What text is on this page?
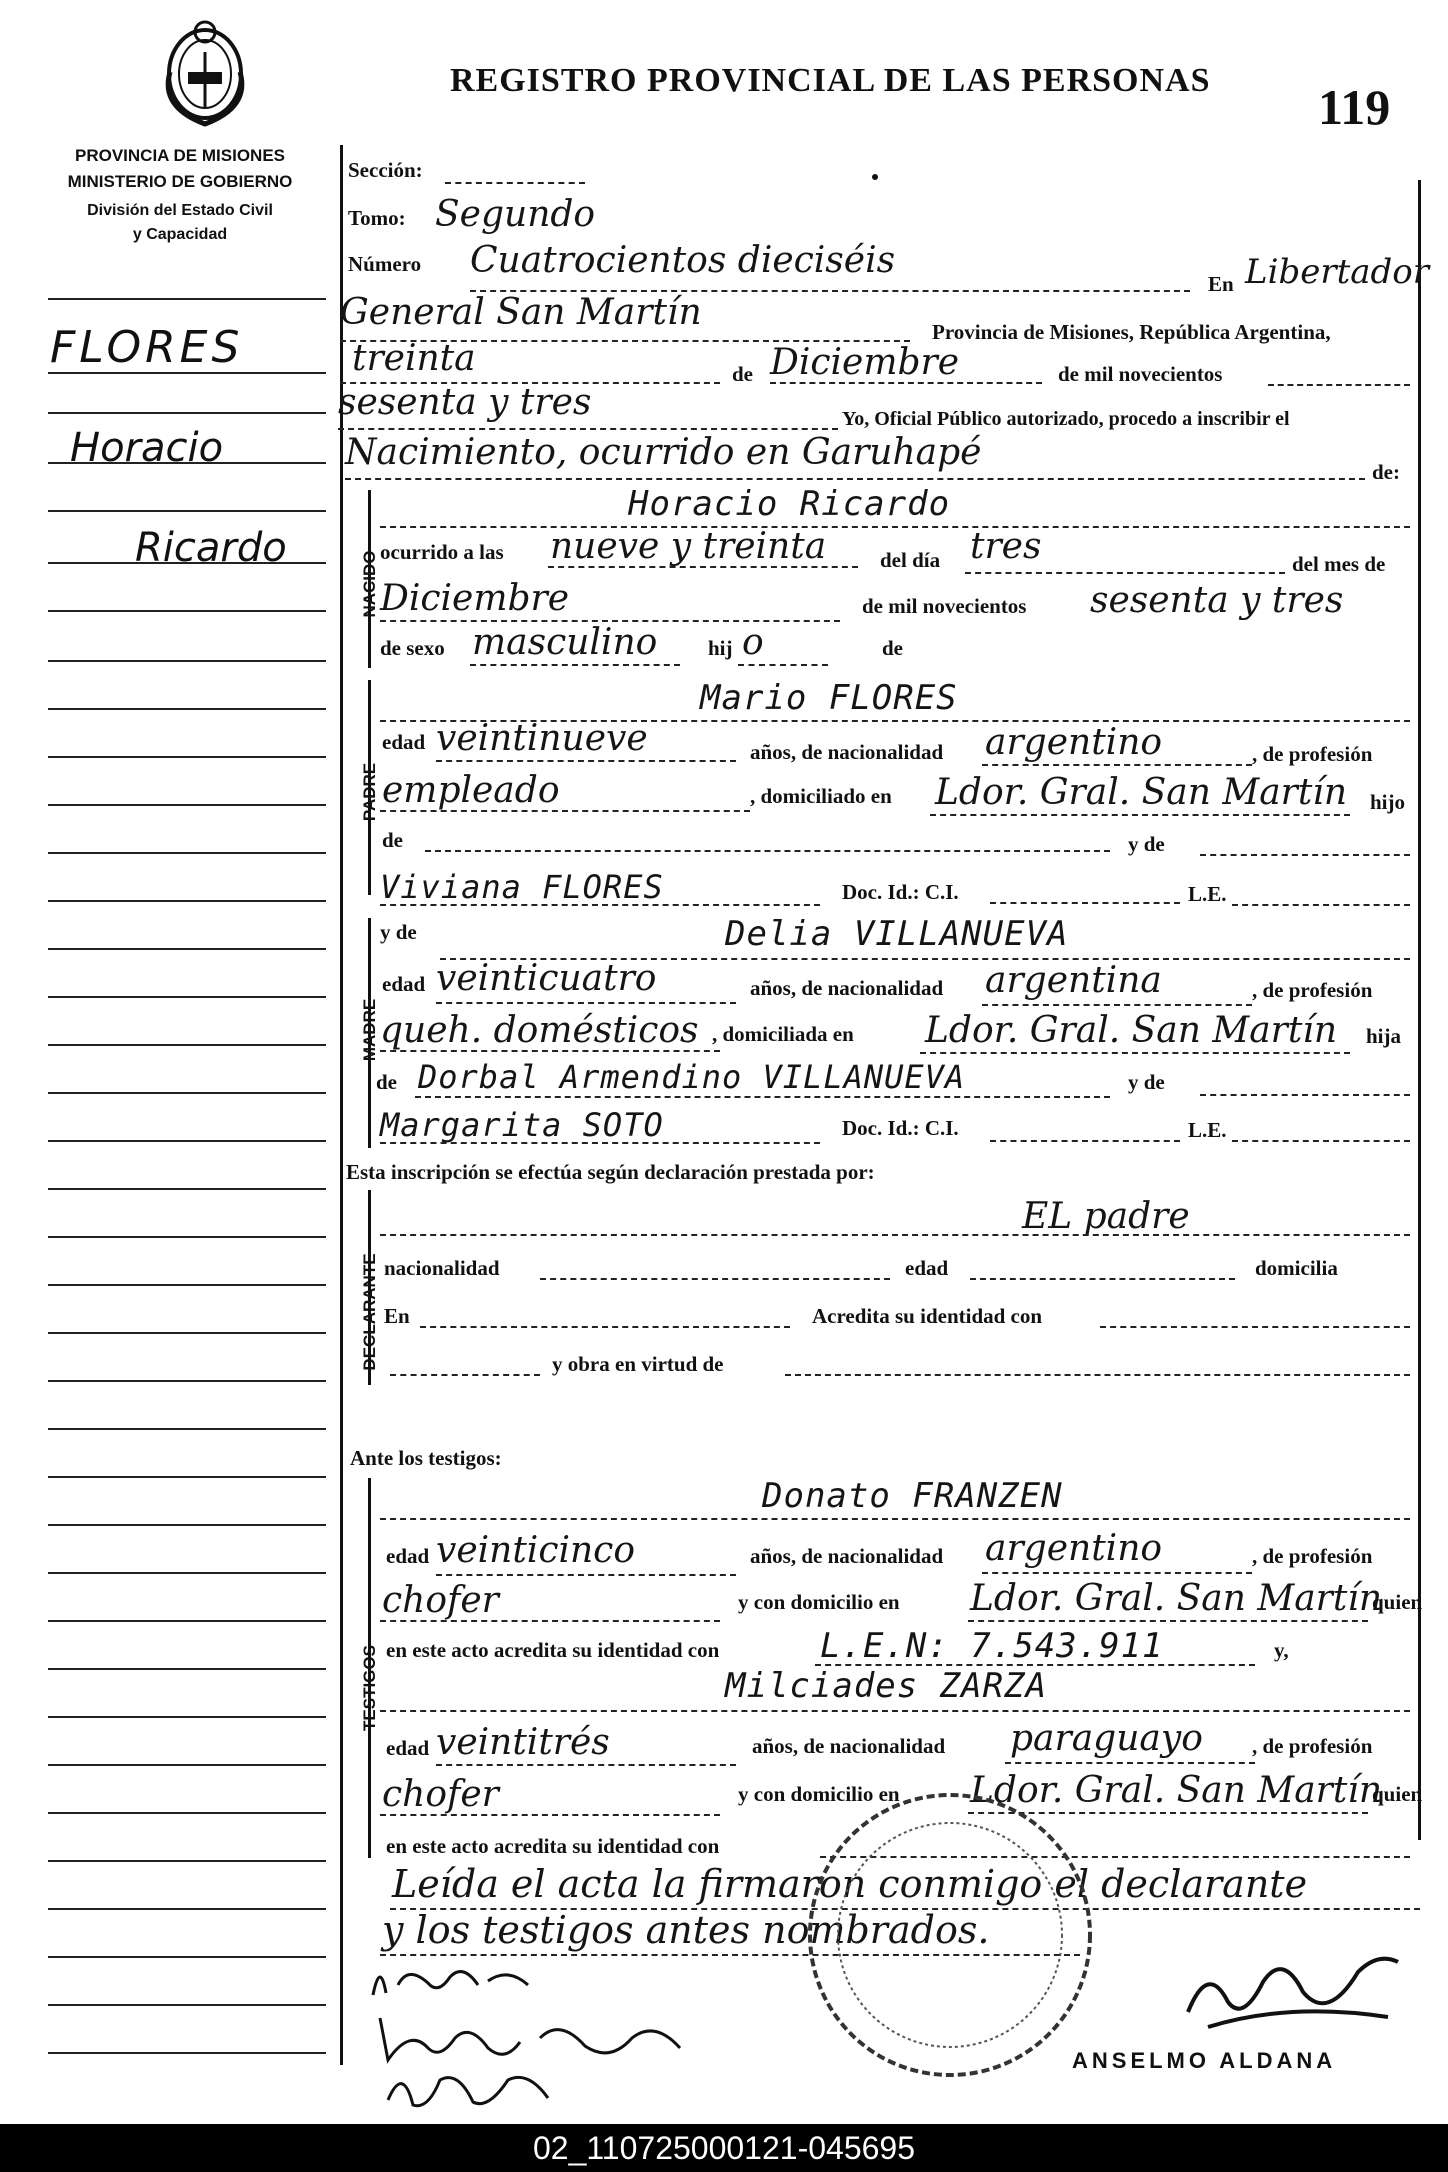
REGISTRO PROVINCIAL DE LAS PERSONAS 119
PROVINCIA DE MISIONES
MINISTERIO DE GOBIERNO
División del Estado Civil
y Capacidad
FLORES
Horacio
Ricardo
Sección:
Tomo: Segundo
Número Cuatrocientos dieciséis
En Libertador
General San Martín	Provincia de Misiones, República Argentina,
treinta	de Diciembre	de mil novecientos
sesenta y tres	Yo, Oficial Público autorizado, procedo a inscribir el
Nacimiento, ocurrido en Garuhapé	de:
NACIDO
Horacio Ricardo
ocurrido a las nueve y treinta	del día tres	del mes de
Diciembre	de mil novecientos sesenta y tres
de sexo masculino hij o	de
PADRE
Mario FLORES
edad veintinueve	años, de nacionalidad argentino	, de profesión
empleado	, domiciliado en Ldor. Gral. San Martín hijo
de	y de
Viviana FLORES	Doc. Id.: C.I.	L.E.
MADRE
y de	Delia VILLANUEVA
edad veinticuatro	años, de nacionalidad argentina	, de profesión
queh. domésticos , domiciliada en Ldor. Gral. San Martín hija
de Dorbal Armendino VILLANUEVA	y de
Margarita SOTO	Doc. Id.: C.I.	L.E.
Esta inscripción se efectúa según declaración prestada por:
DECLARANTE
EL padre
nacionalidad	edad	domicilia
En	Acredita su identidad con
y obra en virtud de
Ante los testigos:
TESTIGOS
Donato FRANZEN
edad veinticinco	años, de nacionalidad argentino	, de profesión
chofer	y con domicilio en Ldor. Gral. San Martín
quien
en este acto acredita su identidad con	L.E.N: 7.543.911	y,
Milciades ZARZA
edad veintitrés	años, de nacionalidad paraguayo , de profesión
chofer	y con domicilio en Ldor. Gral. San Martín
quien
en este acto acredita su identidad con
Leída el acta la firmaron conmigo el declarante
y los testigos antes nombrados.
ANSELMO ALDANA
02_110725000121-045695
